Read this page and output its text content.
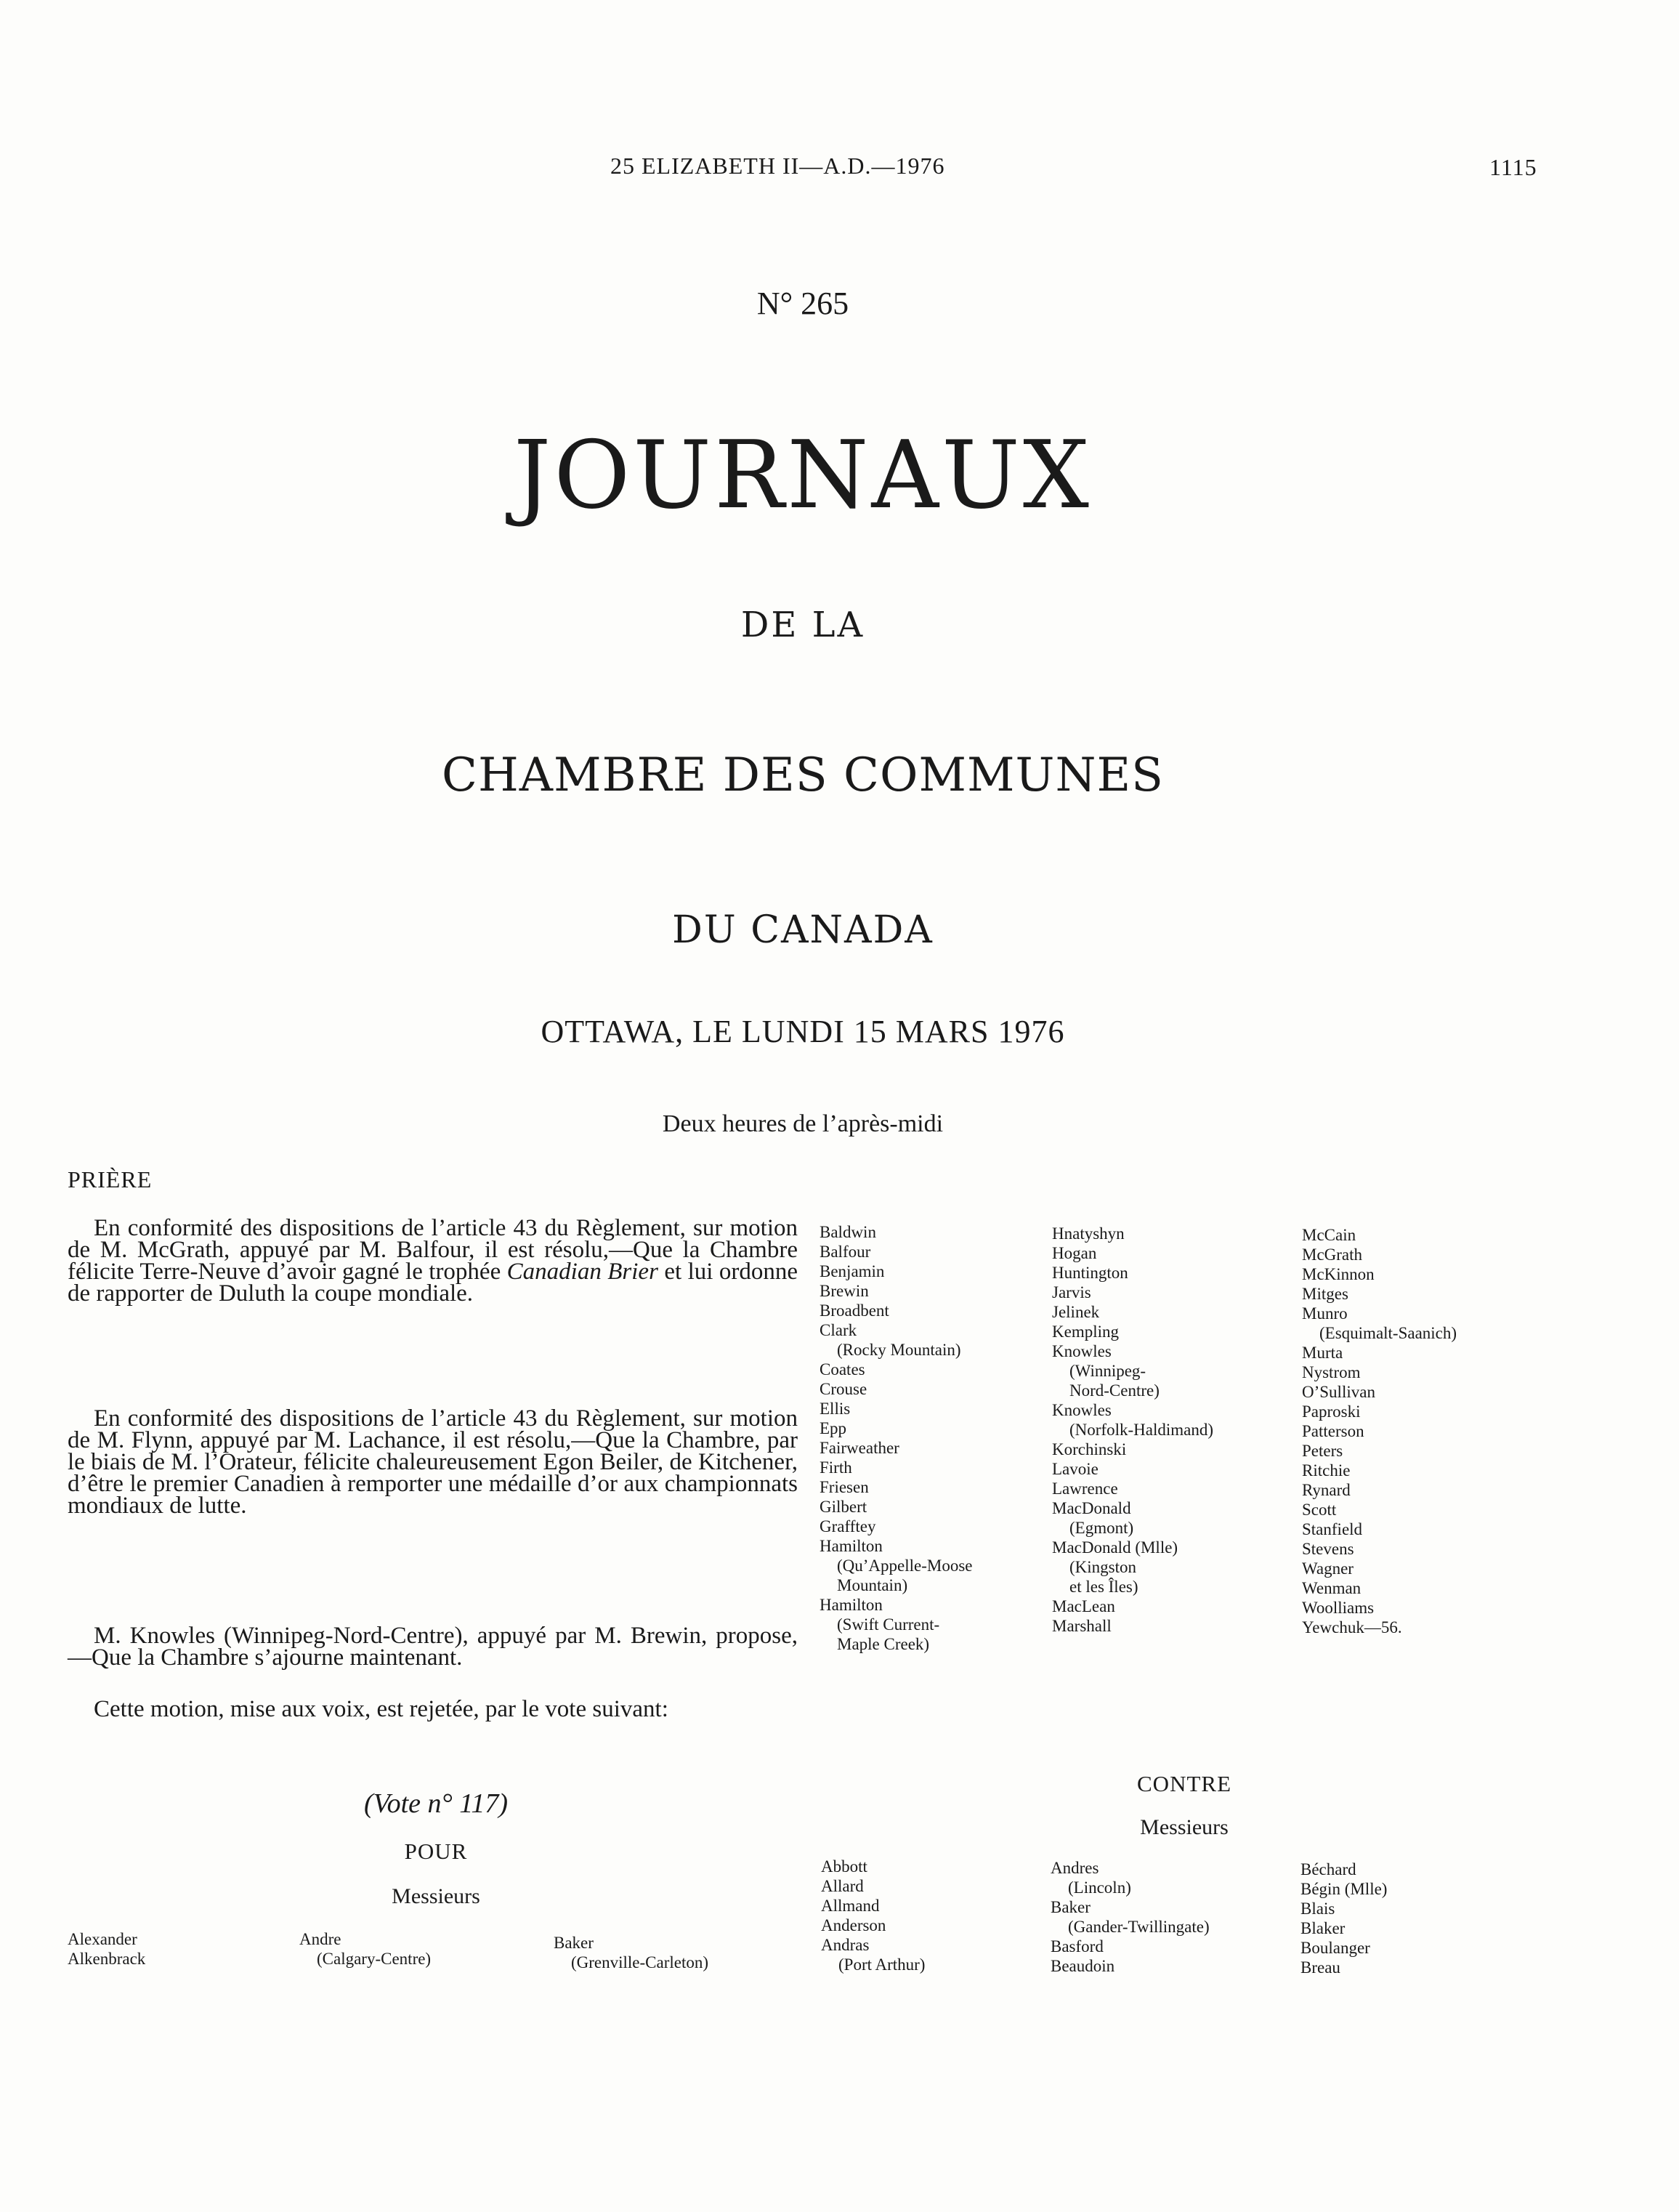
25 ELIZABETH II—A.D.—1976	1115
N° 265
JOURNAUX
DE LA
CHAMBRE DES COMMUNES
DU CANADA
OTTAWA, LE LUNDI 15 MARS 1976
Deux heures de l’après-midi
PRIÈRE
En conformité des dispositions de l’article 43 du Règlement, sur motion de M. McGrath, appuyé par M. Balfour, il est résolu,—Que la Chambre félicite Terre-Neuve d’avoir gagné le trophée Canadian Brier et lui ordonne de rapporter de Duluth la coupe mondiale.
En conformité des dispositions de l’article 43 du Règlement, sur motion de M. Flynn, appuyé par M. Lachance, il est résolu,—Que la Chambre, par le biais de M. l’Orateur, félicite chaleureusement Egon Beiler, de Kitchener, d’être le premier Canadien à remporter une médaille d’or aux championnats mondiaux de lutte.
M. Knowles (Winnipeg-Nord-Centre), appuyé par M. Brewin, propose,—Que la Chambre s’ajourne maintenant.
Cette motion, mise aux voix, est rejetée, par le vote suivant:
(Vote n° 117)
POUR
Messieurs
Alexander
Alkenbrack
Andre
(Calgary-Centre)
Baker
(Grenville-Carleton)
Baldwin
Balfour
Benjamin
Brewin
Broadbent
Clark
(Rocky Mountain)
Coates
Crouse
Ellis
Epp
Fairweather
Firth
Friesen
Gilbert
Grafftey
Hamilton
(Qu’Appelle-Moose
Mountain)
Hamilton
(Swift Current-
Maple Creek)
Hnatyshyn
Hogan
Huntington
Jarvis
Jelinek
Kempling
Knowles
(Winnipeg-
Nord-Centre)
Knowles
(Norfolk-Haldimand)
Korchinski
Lavoie
Lawrence
MacDonald
(Egmont)
MacDonald (Mlle)
(Kingston
et les Îles)
MacLean
Marshall
McCain
McGrath
McKinnon
Mitges
Munro
(Esquimalt-Saanich)
Murta
Nystrom
O’Sullivan
Paproski
Patterson
Peters
Ritchie
Rynard
Scott
Stanfield
Stevens
Wagner
Wenman
Woolliams
Yewchuk—56.
CONTRE
Messieurs
Abbott
Allard
Allmand
Anderson
Andras
(Port Arthur)
Andres
(Lincoln)
Baker
(Gander-Twillingate)
Basford
Beaudoin
Béchard
Bégin (Mlle)
Blais
Blaker
Boulanger
Breau
